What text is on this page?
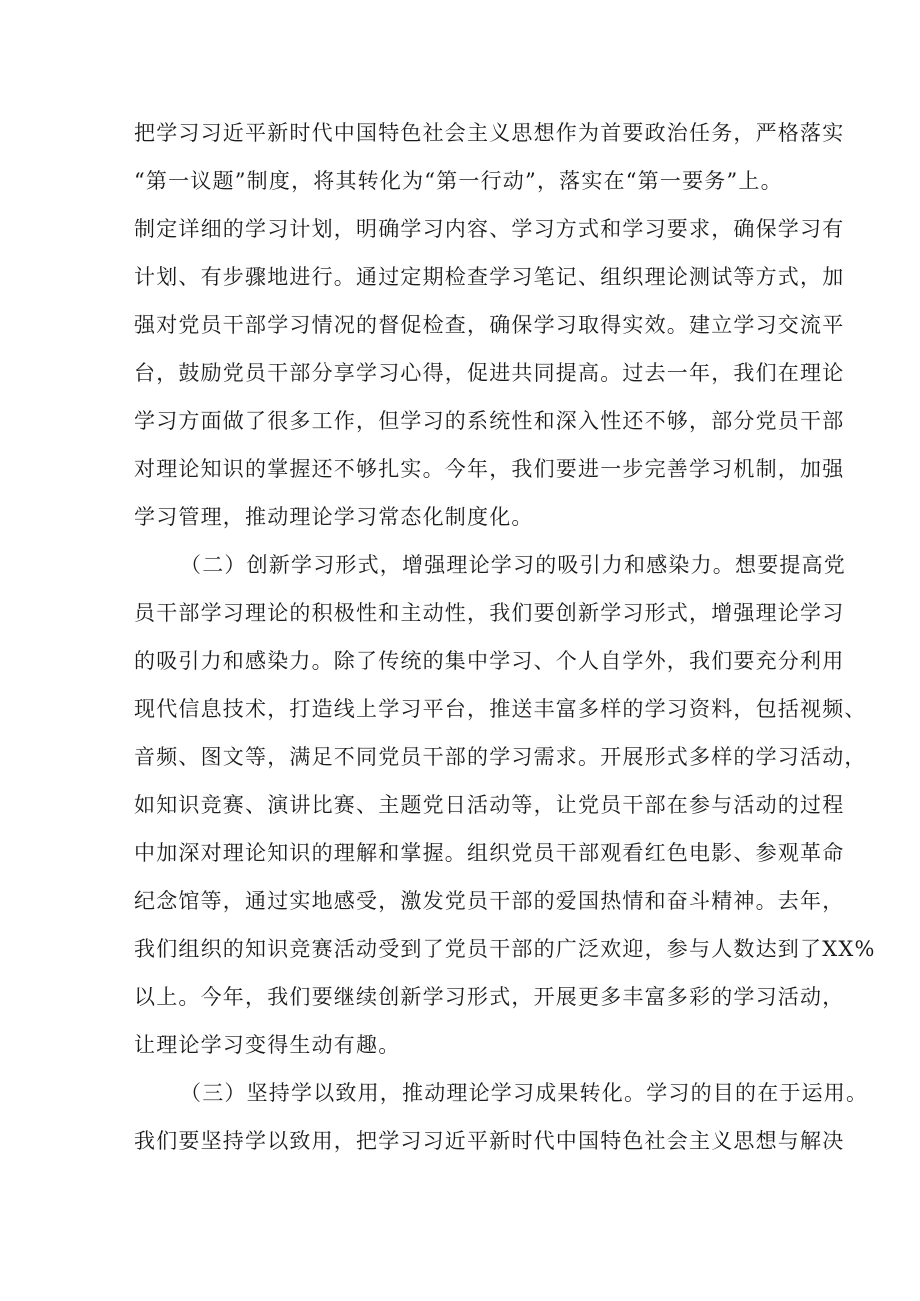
把学习习近平新时代中国特色社会主义思想作为首要政治任务，严格落实
“第一议题”制度，将其转化为“第一行动”，落实在“第一要务”上。
制定详细的学习计划，明确学习内容、学习方式和学习要求，确保学习有
计划、有步骤地进行。通过定期检查学习笔记、组织理论测试等方式，加
强对党员干部学习情况的督促检查，确保学习取得实效。建立学习交流平
台，鼓励党员干部分享学习心得，促进共同提高。过去一年，我们在理论
学习方面做了很多工作，但学习的系统性和深入性还不够，部分党员干部
对理论知识的掌握还不够扎实。今年，我们要进一步完善学习机制，加强
学习管理，推动理论学习常态化制度化。
（二）创新学习形式，增强理论学习的吸引力和感染力。想要提高党
员干部学习理论的积极性和主动性，我们要创新学习形式，增强理论学习
的吸引力和感染力。除了传统的集中学习、个人自学外，我们要充分利用
现代信息技术，打造线上学习平台，推送丰富多样的学习资料，包括视频、
音频、图文等，满足不同党员干部的学习需求。开展形式多样的学习活动，
如知识竞赛、演讲比赛、主题党日活动等，让党员干部在参与活动的过程
中加深对理论知识的理解和掌握。组织党员干部观看红色电影、参观革命
纪念馆等，通过实地感受，激发党员干部的爱国热情和奋斗精神。去年，
我们组织的知识竞赛活动受到了党员干部的广泛欢迎，参与人数达到了XX%
以上。今年，我们要继续创新学习形式，开展更多丰富多彩的学习活动，
让理论学习变得生动有趣。
（三）坚持学以致用，推动理论学习成果转化。学习的目的在于运用。
我们要坚持学以致用，把学习习近平新时代中国特色社会主义思想与解决
